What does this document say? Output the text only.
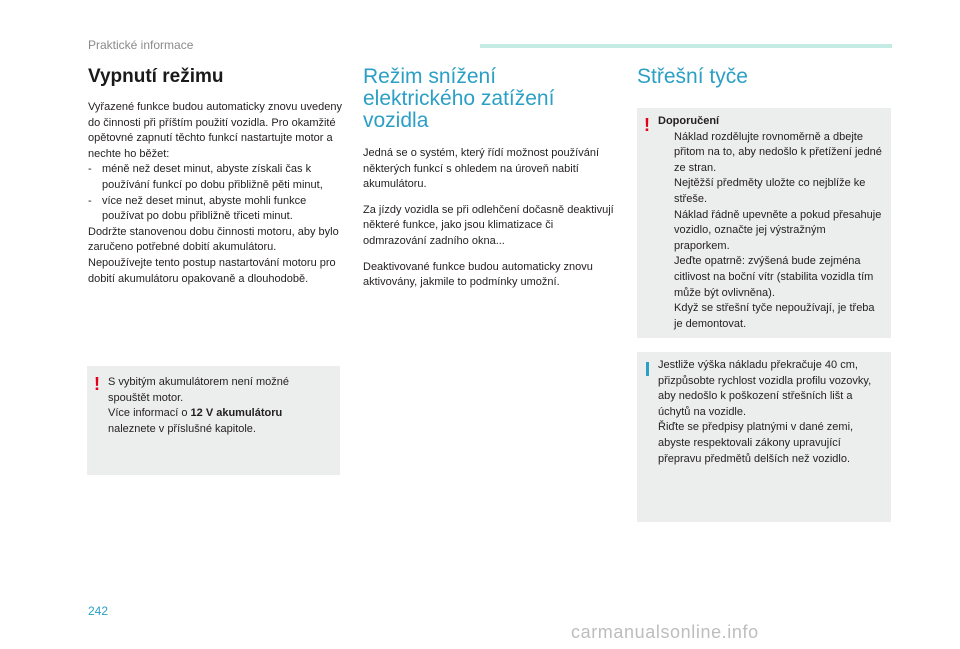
Praktické informace
Vypnutí režimu

Vyřazené funkce budou automaticky znovu uvedeny do činnosti při příštím použití vozidla. Pro okamžité opětovné zapnutí těchto funkcí nastartujte motor a nechte ho běžet:

- méně než deset minut, abyste získali čas k používání funkcí po dobu přibližně pěti minut,
- více než deset minut, abyste mohli funkce používat po dobu přibližně třiceti minut.

Dodržte stanovenou dobu činnosti motoru, aby bylo zaručeno potřebné dobití akumulátoru. Nepoužívejte tento postup nastartování motoru pro dobití akumulátoru opakovaně a dlouhodobě.

! S vybitým akumulátorem není možné spouštět motor.
Více informací o 12 V akumulátoru
naleznete v příslušné kapitole.
Režim snížení elektrického zatížení vozidla

Jedná se o systém, který řídí možnost používání některých funkcí s ohledem na úroveň nabití akumulátoru.

Za jízdy vozidla se při odlehčení dočasně deaktivují některé funkce, jako jsou klimatizace či odmrazování zadního okna...

Deaktivované funkce budou automaticky znovu aktivovány, jakmile to podmínky umožní.

Střešní tyče
! Doporučení
Náklad rozdělujte rovnoměrně a dbejte přitom na to, aby nedošlo k přetížení jedné ze stran.
Nejtěžší předměty uložte co nejblíže ke střeše.
Náklad řádně upevněte a pokud přesahuje vozidlo, označte jej výstražným praporkem.
Jeďte opatrně: zvýšená bude zejména citlivost na boční vítr (stabilita vozidla tím může být ovlivněna).
Když se střešní tyče nepoužívají, je třeba je demontovat.
Jestliže výška nákladu překračuje 40 cm, přizpůsobte rychlost vozidla profilu vozovky, aby nedošlo k poškození střešních lišt a úchytů na vozidle.
Řiďte se předpisy platnými v dané zemi, abyste respektovali zákony upravující přepravu předmětů delších než vozidlo.
242
carmanualsonline.info
